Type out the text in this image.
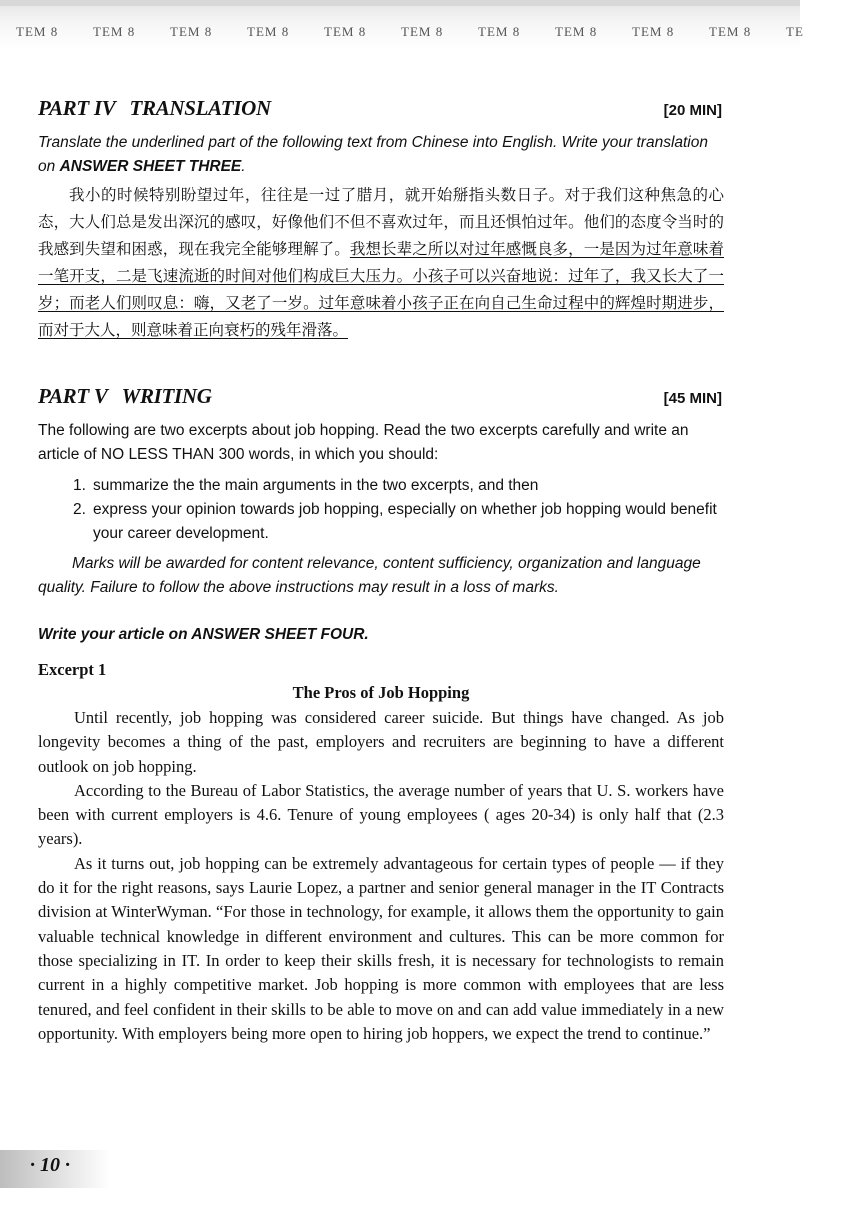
TEM 8	TEM 8	TEM 8	TEM 8	TEM 8	TEM 8	TEM 8	TEM 8	TEM 8	TEM 8	TE
PART IV TRANSLATION	[20 MIN]
Translate the underlined part of the following text from Chinese into English. Write your translation on ANSWER SHEET THREE.
我小的时候特别盼望过年，往往是一过了腊月，就开始掰指头数日子。对于我们这种焦急的心态，大人们总是发出深沉的感叹，好像他们不但不喜欢过年，而且还惧怕过年。他们的态度令当时的我感到失望和困惑，现在我完全能够理解了。我想长辈之所以对过年感慨良多，一是因为过年意味着一笔开支，二是飞速流逝的时间对他们构成巨大压力。小孩子可以兴奋地说：过年了，我又长大了一岁；而老人们则叹息：嗨，又老了一岁。过年意味着小孩子正在向自己生命过程中的辉煌时期进步，而对于大人，则意味着正向衰朽的残年滑落。
PART V WRITING	[45 MIN]
The following are two excerpts about job hopping. Read the two excerpts carefully and write an article of NO LESS THAN 300 words, in which you should:
1. summarize the the main arguments in the two excerpts, and then
2. express your opinion towards job hopping, especially on whether job hopping would benefit your career development.
Marks will be awarded for content relevance, content sufficiency, organization and language quality. Failure to follow the above instructions may result in a loss of marks.
Write your article on ANSWER SHEET FOUR.
Excerpt 1
The Pros of Job Hopping

Until recently, job hopping was considered career suicide. But things have changed. As job longevity becomes a thing of the past, employers and recruiters are beginning to have a different outlook on job hopping.

According to the Bureau of Labor Statistics, the average number of years that U. S. workers have been with current employers is 4.6. Tenure of young employees ( ages 20-34) is only half that (2.3 years).

As it turns out, job hopping can be extremely advantageous for certain types of people — if they do it for the right reasons, says Laurie Lopez, a partner and senior general manager in the IT Contracts division at WinterWyman. “For those in technology, for example, it allows them the opportunity to gain valuable technical knowledge in different environment and cultures. This can be more common for those specializing in IT. In order to keep their skills fresh, it is necessary for technologists to remain current in a highly competitive market. Job hopping is more common with employees that are less tenured, and feel confident in their skills to be able to move on and can add value immediately in a new opportunity. With employers being more open to hiring job hoppers, we expect the trend to continue.”

· 10 ·
